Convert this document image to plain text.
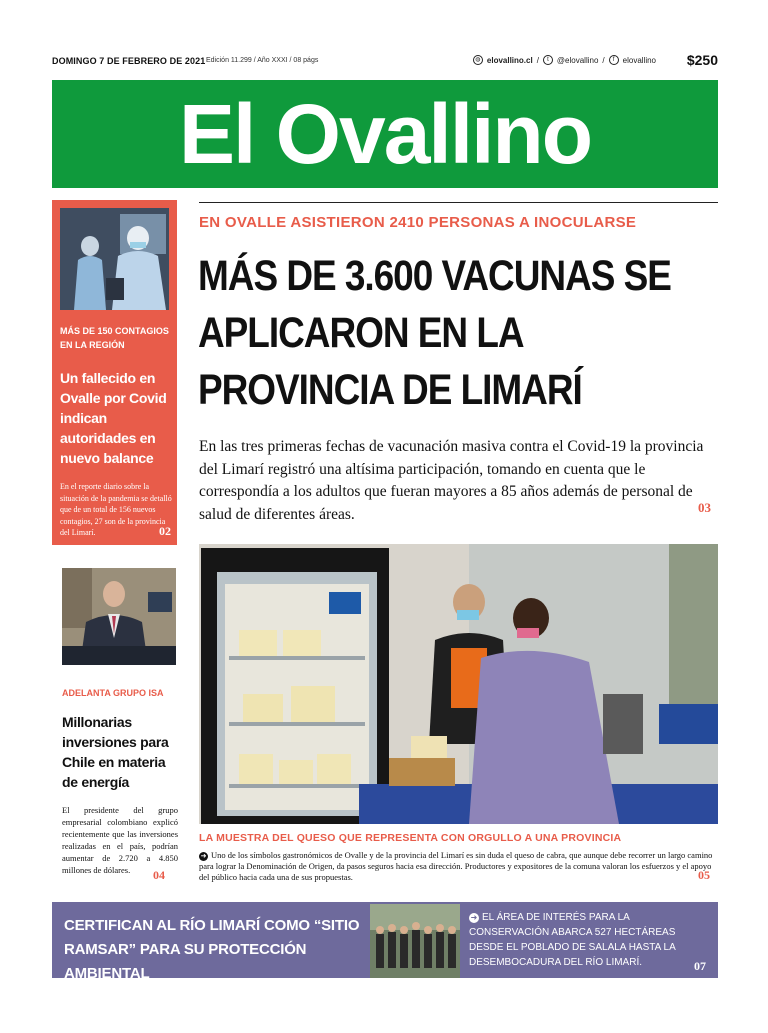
DOMINGO 7 DE FEBRERO DE 2021 Edición 11.299 / Año XXXI / 08 págs	◍ elovallino.cl /	t	@elovallino /	f	elovallino $250
El Ovallino
MÁS DE 150 CONTAGIOS EN LA REGIÓN
Un fallecido en Ovalle por Covid indican autoridades en nuevo balance
En el reporte diario sobre la situación de la pandemia se detalló que de un total de 156 nuevos contagios, 27 son de la provincia del Limarí.	02
ADELANTA GRUPO ISA
Millonarias inversiones para Chile en materia de energía
El presidente del grupo empresarial colombiano explicó recientemente que las inversiones realizadas en el país, podrían aumentar de 2.720 a 4.850 millones de dólares.	04
EN OVALLE ASISTIERON 2410 PERSONAS A INOCULARSE
MÁS DE 3.600 VACUNAS SE APLICARON EN LA PROVINCIA DE LIMARÍ
En las tres primeras fechas de vacunación masiva contra el Covid-19 la provincia del Limarí registró una altísima participación, tomando en cuenta que le correspondía a los adultos que fueran mayores a 85 años además de personal de salud de diferentes áreas.	03
LA MUESTRA DEL QUESO QUE REPRESENTA CON ORGULLO A UNA PROVINCIA
➜ Uno de los símbolos gastronómicos de Ovalle y de la provincia del Limarí es sin duda el queso de cabra, que aunque debe recorrer un largo camino para lograr la Denominación de Origen, da pasos seguros hacia esa dirección. Productores y expositores de la comuna valoran los esfuerzos y el apoyo del público hacia cada una de sus propuestas.	05
CERTIFICAN AL RÍO LIMARÍ COMO “SITIO RAMSAR” PARA SU PROTECCIÓN AMBIENTAL
➜ EL ÁREA DE INTERÉS PARA LA CONSERVACIÓN ABARCA 527 HECTÁREAS DESDE EL POBLADO DE SALALA HASTA LA DESEMBOCADURA DEL RÍO LIMARÍ.	07
